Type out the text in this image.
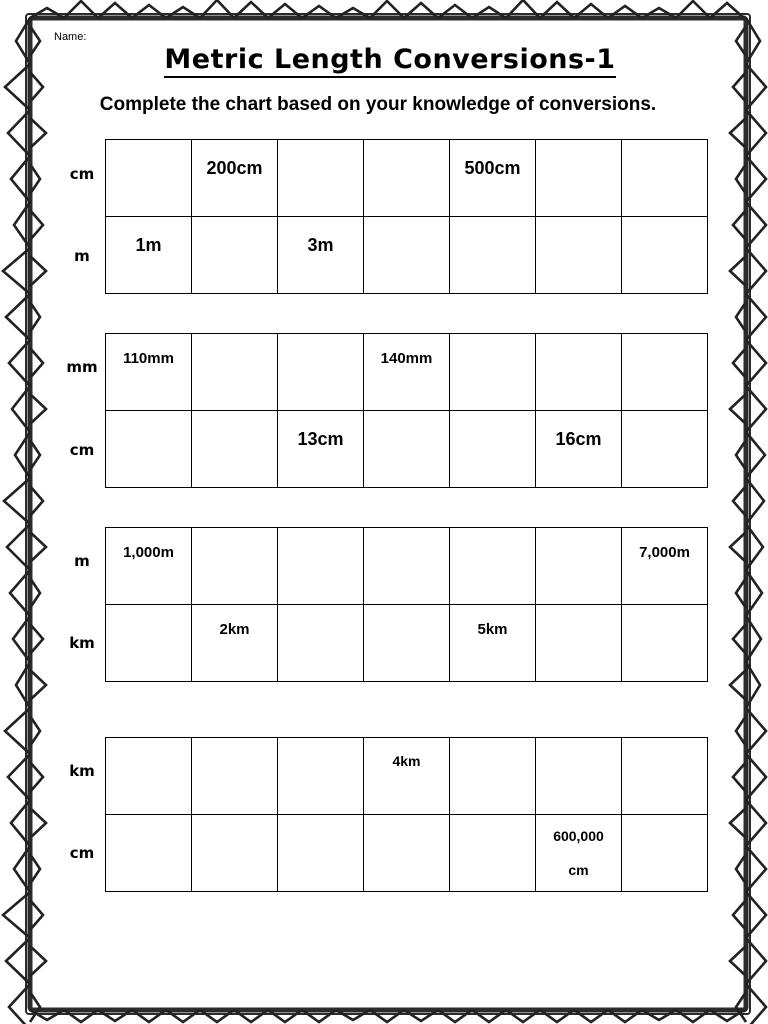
Name:
Metric Length Conversions-1
Complete the chart based on your knowledge of conversions.
cm
m

	200cm			500cm		

1m		3m				

mm
cm
110mm			140mm			

		13cm			16cm	

m
km
1,000m						7,000m

	2km			5km		

km
cm

			4km			

					600,000 cm	
